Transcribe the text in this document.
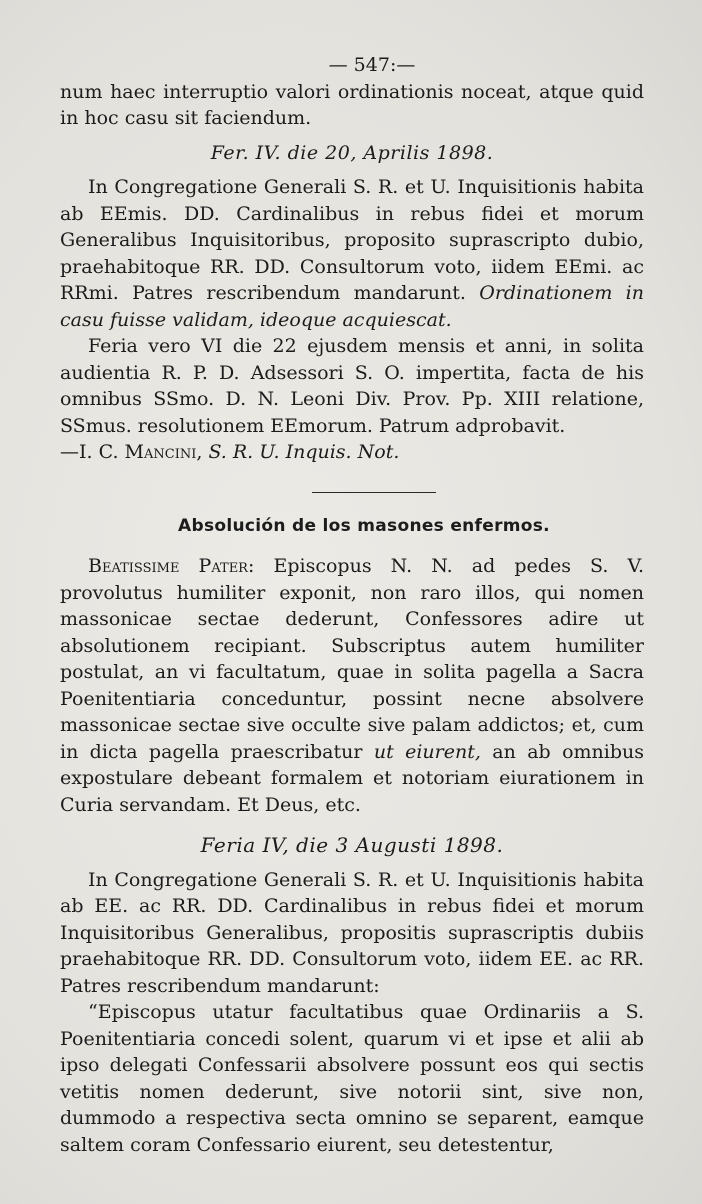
— 547:—

num haec interruptio valori ordinationis noceat, atque quid in hoc casu sit faciendum.

Fer. IV. die 20, Aprilis 1898.

In Congregatione Generali S. R. et U. Inquisitionis habita ab EEmis. DD. Cardinalibus in rebus fidei et morum Generalibus Inquisitoribus, proposito suprascripto dubio, praehabitoque RR. DD. Consultorum voto, iidem EEmi. ac RRmi. Patres rescribendum mandarunt. Ordinationem in casu fuisse validam, ideoque acquiescat.

Feria vero VI die 22 ejusdem mensis et anni, in solita audientia R. P. D. Adsessori S. O. impertita, facta de his omnibus SSmo. D. N. Leoni Div. Prov. Pp. XIII relatione, SSmus. resolutionem EEmorum. Patrum adprobavit.
—I. C. Mancini, S. R. U. Inquis. Not.

Absolución de los masones enfermos.

Beatissime Pater: Episcopus N. N. ad pedes S. V. provolutus humiliter exponit, non raro illos, qui nomen massonicae sectae dederunt, Confessores adire ut absolutionem recipiant. Subscriptus autem humiliter postulat, an vi facultatum, quae in solita pagella a Sacra Poenitentiaria conceduntur, possint necne absolvere massonicae sectae sive occulte sive palam addictos; et, cum in dicta pagella praescribatur ut eiurent, an ab omnibus expostulare debeant formalem et notoriam eiurationem in Curia servandam. Et Deus, etc.

Feria IV, die 3 Augusti 1898.

In Congregatione Generali S. R. et U. Inquisitionis habita ab EE. ac RR. DD. Cardinalibus in rebus fidei et morum Inquisitoribus Generalibus, propositis suprascriptis dubiis praehabitoque RR. DD. Consultorum voto, iidem EE. ac RR. Patres rescribendum mandarunt:

“Episcopus utatur facultatibus quae Ordinariis a S. Poenitentiaria concedi solent, quarum vi et ipse et alii ab ipso delegati Confessarii absolvere possunt eos qui sectis vetitis nomen dederunt, sive notorii sint, sive non, dummodo a respectiva secta omnino se separent, eamque saltem coram Confessario eiurent, seu detestentur,
